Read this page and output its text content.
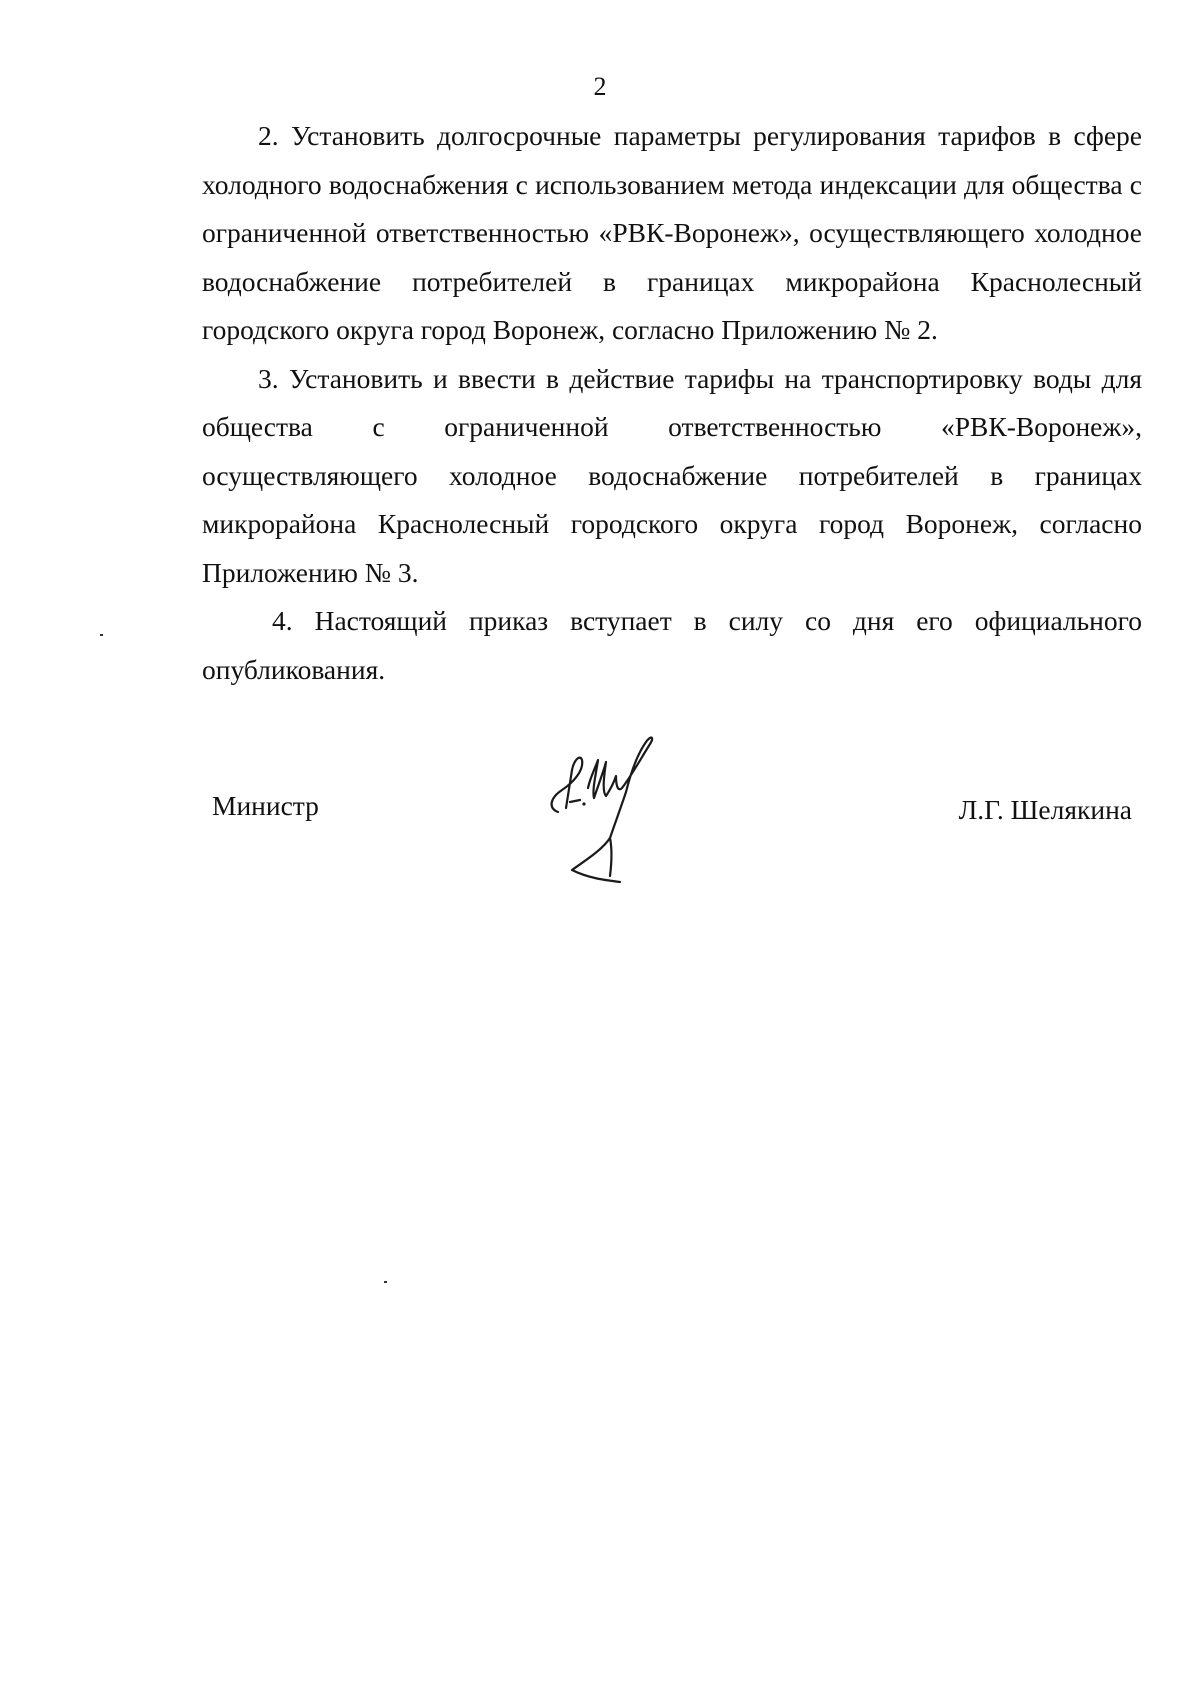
2

2. Установить долгосрочные параметры регулирования тарифов в сфере холодного водоснабжения с использованием метода индексации для общества с ограниченной ответственностью «РВК-Воронеж», осуществляющего холодное водоснабжение потребителей в границах микрорайона Краснолесный городского округа город Воронеж, согласно Приложению № 2.

3. Установить и ввести в действие тарифы на транспортировку воды для общества с ограниченной ответственностью «РВК-Воронеж», осуществляющего холодное водоснабжение потребителей в границах микрорайона Краснолесный городского округа город Воронеж, согласно Приложению № 3.

4. Настоящий приказ вступает в силу со дня его официального опубликования.

Министр	Л.Г. Шелякина
